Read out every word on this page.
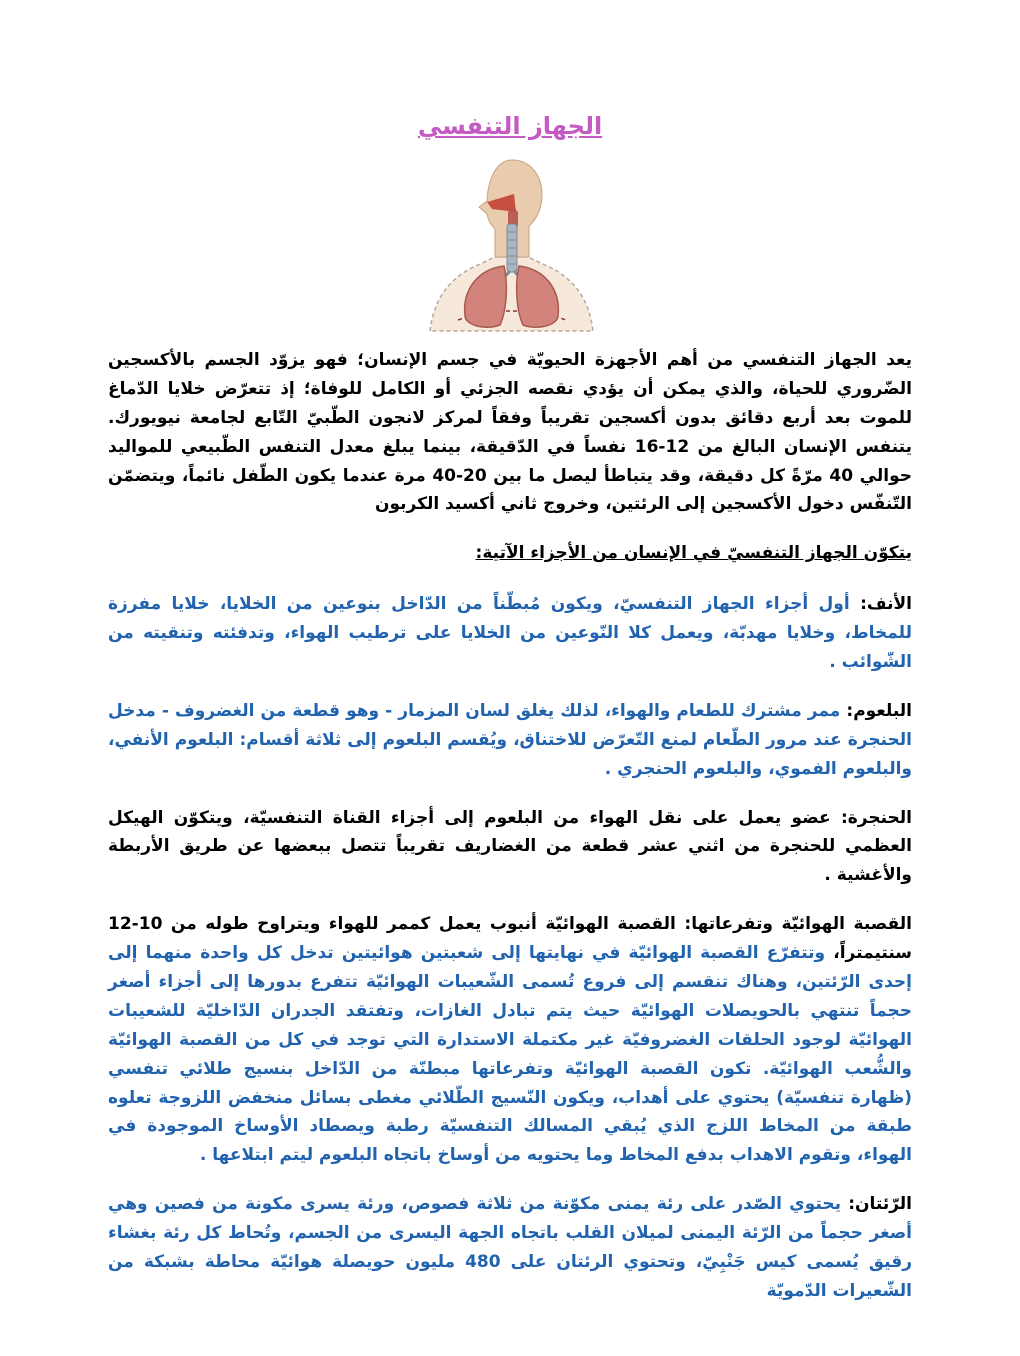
الجهاز التنفسي

يعد الجهاز التنفسي من أهم الأجهزة الحيويّة في جسم الإنسان؛ فهو يزوّد الجسم بالأكسجين الضّروري للحياة، والذي يمكن أن يؤدي نقصه الجزئي أو الكامل للوفاة؛ إذ تتعرّض خلايا الدّماغ للموت بعد أربع دقائق بدون أكسجين تقريباً وفقاً لمركز لانجون الطّبيّ التّابع لجامعة نيويورك. يتنفس الإنسان البالغ من 12-16 نفساً في الدّقيقة، بينما يبلغ معدل التنفس الطّبيعي للمواليد حوالي 40 مرّةً كل دقيقة، وقد يتباطأ ليصل ما بين 20-40 مرة عندما يكون الطّفل نائماً، ويتضمّن التّنفّس دخول الأكسجين إلى الرئتين، وخروج ثاني أكسيد الكربون

يتكوّن الجهاز التنفسيّ في الإنسان من الأجزاء الآتية:

الأنف: أول أجزاء الجهاز التنفسيّ، ويكون مُبطّناً من الدّاخل بنوعين من الخلايا، خلايا مفرزة للمخاط، وخلايا مهدبّة، ويعمل كلا النّوعين من الخلايا على ترطيب الهواء، وتدفئته وتنقيته من الشّوائب .

البلعوم: ممر مشترك للطعام والهواء، لذلك يغلق لسان المزمار - وهو قطعة من الغضروف - مدخل الحنجرة عند مرور الطّعام لمنع التّعرّض للاختناق، ويُقسم البلعوم إلى ثلاثة أقسام: البلعوم الأنفي، والبلعوم الفموي، والبلعوم الحنجري .

الحنجرة: عضو يعمل على نقل الهواء من البلعوم إلى أجزاء القناة التنفسيّة، ويتكوّن الهيكل العظمي للحنجرة من اثني عشر قطعة من الغضاريف تقريباً تتصل ببعضها عن طريق الأربطة والأغشية .

القصبة الهوائيّة وتفرعاتها: القصبة الهوائيّة أنبوب يعمل كممر للهواء ويتراوح طوله من 10-12 سنتيمتراً، وتتفرّع القصبة الهوائيّة في نهايتها إلى شعبتين هوائيتين تدخل كل واحدة منهما إلى إحدى الرّئتين، وهناك تنقسم إلى فروع تُسمى الشّعيبات الهوائيّة تتفرع بدورها إلى أجزاء أصغر حجماً تنتهي بالحويصلات الهوائيّة حيث يتم تبادل الغازات، وتفتقد الجدران الدّاخليّة للشعيبات الهوائيّة لوجود الحلقات الغضروفيّة غير مكتملة الاستدارة التي توجد في كل من القصبة الهوائيّة والشُّعب الهوائيّة. تكون القصبة الهوائيّة وتفرعاتها مبطنّة من الدّاخل بنسيج طلائي تنفسي (ظهارة تنفسيّة) يحتوي على أهداب، ويكون النّسيج الطّلائي مغطى بسائل منخفض اللزوجة تعلوه طبقة من المخاط اللزج الذي يُبقي المسالك التنفسيّة رطبة ويصطاد الأوساخ الموجودة في الهواء، وتقوم الاهداب بدفع المخاط وما يحتويه من أوساخ باتجاه البلعوم ليتم ابتلاعها .

الرّئتان: يحتوي الصّدر على رئة يمنى مكوّنة من ثلاثة فصوص، ورئة يسرى مكونة من فصين وهي أصغر حجماً من الرّئة اليمنى لميلان القلب باتجاه الجهة اليسرى من الجسم، وتُحاط كل رئة بغشاء رقيق يُسمى كيس جَنْبِيّ، وتحتوي الرئتان على 480 مليون حويصلة هوائيّة محاطة بشبكة من الشّعيرات الدّمويّة
